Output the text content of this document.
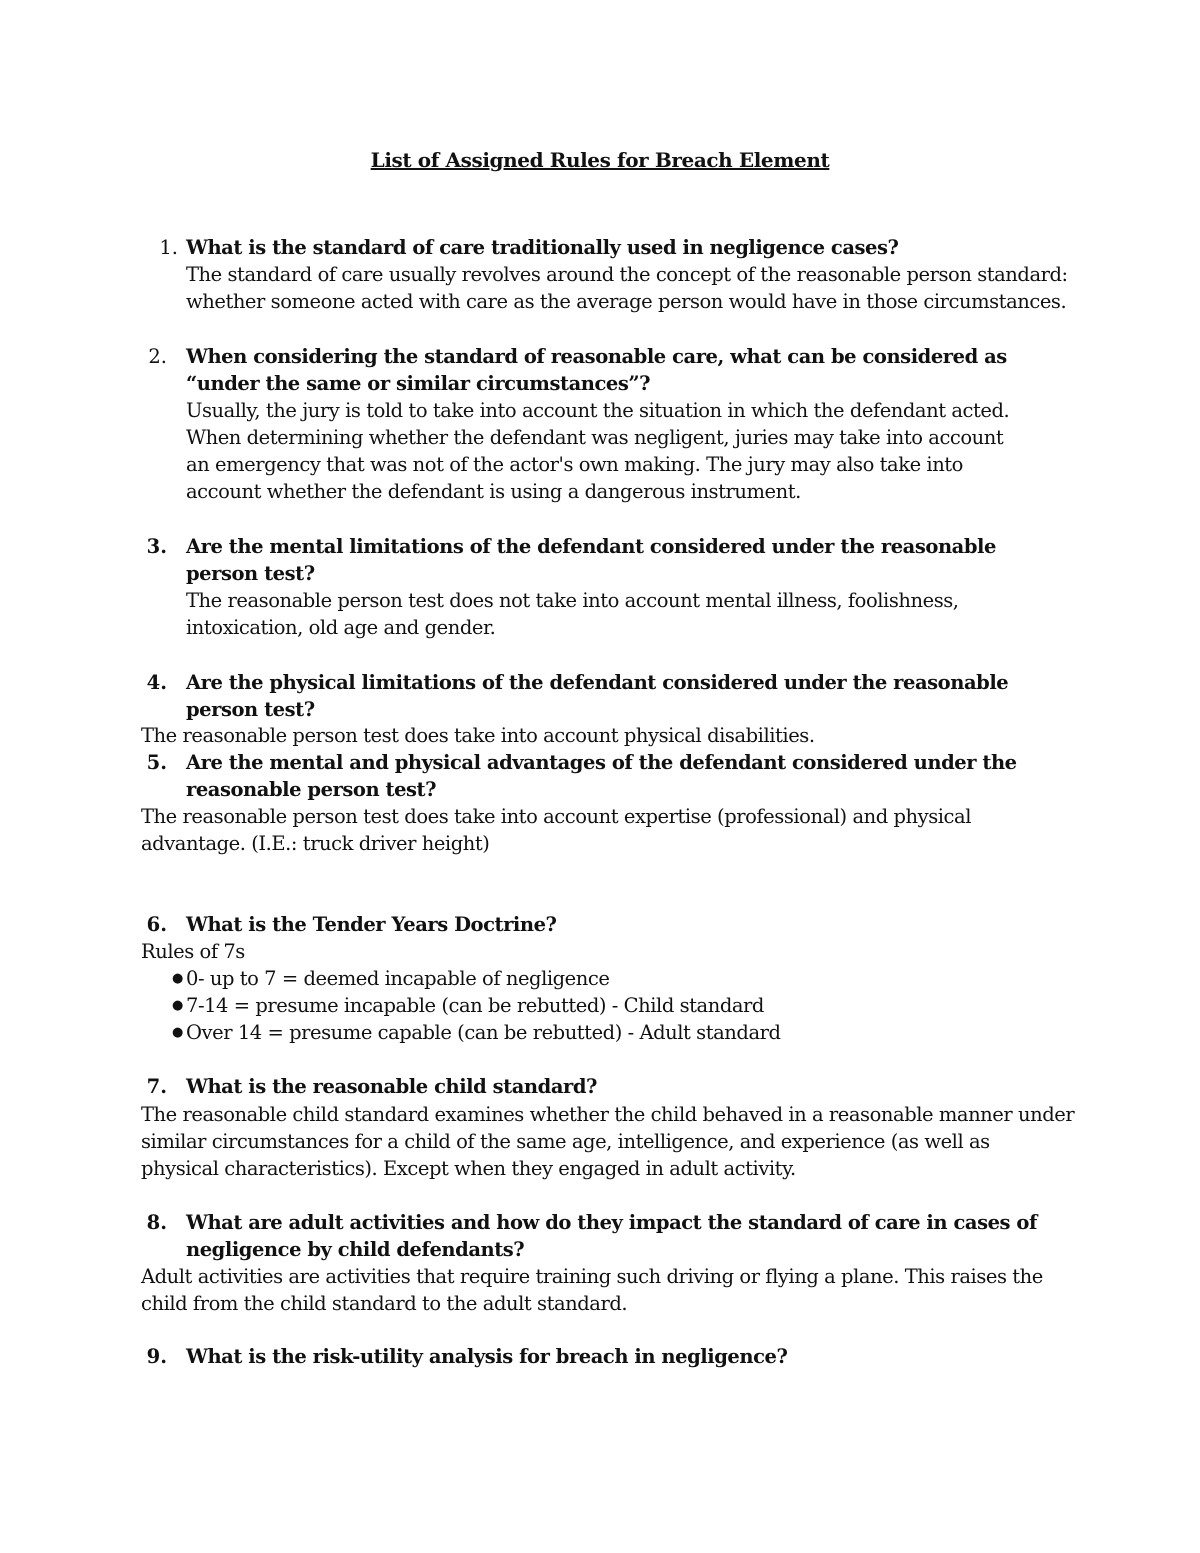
List of Assigned Rules for Breach Element
1. What is the standard of care traditionally used in negligence cases?
The standard of care usually revolves around the concept of the reasonable person standard:
whether someone acted with care as the average person would have in those circumstances.
2. When considering the standard of reasonable care, what can be considered as
“under the same or similar circumstances”?
Usually, the jury is told to take into account the situation in which the defendant acted.
When determining whether the defendant was negligent, juries may take into account
an emergency that was not of the actor's own making. The jury may also take into
account whether the defendant is using a dangerous instrument.
3. Are the mental limitations of the defendant considered under the reasonable
person test?
The reasonable person test does not take into account mental illness, foolishness,
intoxication, old age and gender.
4. Are the physical limitations of the defendant considered under the reasonable
person test?
The reasonable person test does take into account physical disabilities.
5. Are the mental and physical advantages of the defendant considered under the
reasonable person test?
The reasonable person test does take into account expertise (professional) and physical
advantage. (I.E.: truck driver height)
6. What is the Tender Years Doctrine?
Rules of 7s
● 0- up to 7 = deemed incapable of negligence
● 7-14 = presume incapable (can be rebutted) - Child standard
● Over 14 = presume capable (can be rebutted) - Adult standard
7. What is the reasonable child standard?
The reasonable child standard examines whether the child behaved in a reasonable manner under
similar circumstances for a child of the same age, intelligence, and experience (as well as
physical characteristics). Except when they engaged in adult activity.
8. What are adult activities and how do they impact the standard of care in cases of
negligence by child defendants?
Adult activities are activities that require training such driving or flying a plane. This raises the
child from the child standard to the adult standard.
9. What is the risk-utility analysis for breach in negligence?
